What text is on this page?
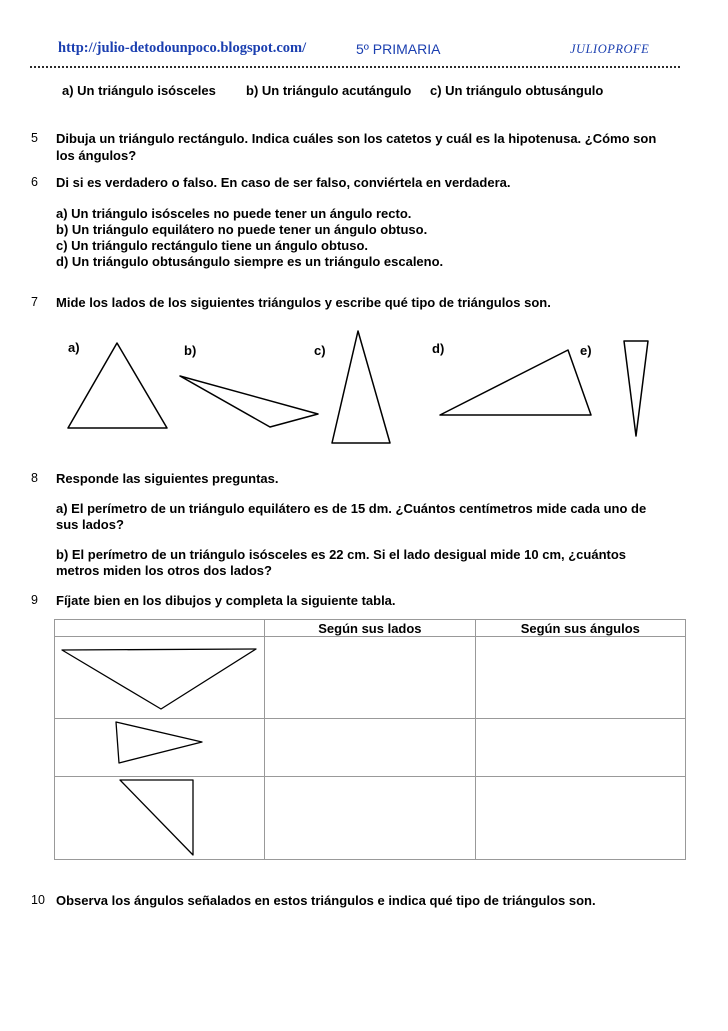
http://julio-detodounpoco.blogspot.com/	5º PRIMARIA	JULIOPROFE
a) Un triángulo isósceles b) Un triángulo acutángulo c) Un triángulo obtusángulo
5 Dibuja un triángulo rectángulo. Indica cuáles son los catetos y cuál es la hipotenusa. ¿Cómo son
los ángulos?
6 Di si es verdadero o falso. En caso de ser falso, conviértela en verdadera.
a) Un triángulo isósceles no puede tener un ángulo recto.
b) Un triángulo equilátero no puede tener un ángulo obtuso.
c) Un triángulo rectángulo tiene un ángulo obtuso.
d) Un triángulo obtusángulo siempre es un triángulo escaleno.
7 Mide los lados de los siguientes triángulos y escribe qué tipo de triángulos son.
a)	b)	c)	d)	e)
8 Responde las siguientes preguntas.
a) El perímetro de un triángulo equilátero es de 15 dm. ¿Cuántos centímetros mide cada uno de
sus lados?
b) El perímetro de un triángulo isósceles es 22 cm. Si el lado desigual mide 10 cm, ¿cuántos
metros miden los otros dos lados?
9 Fíjate bien en los dibujos y completa la siguiente tabla.
	Según sus lados	Según sus ángulos

10 Observa los ángulos señalados en estos triángulos e indica qué tipo de triángulos son.
